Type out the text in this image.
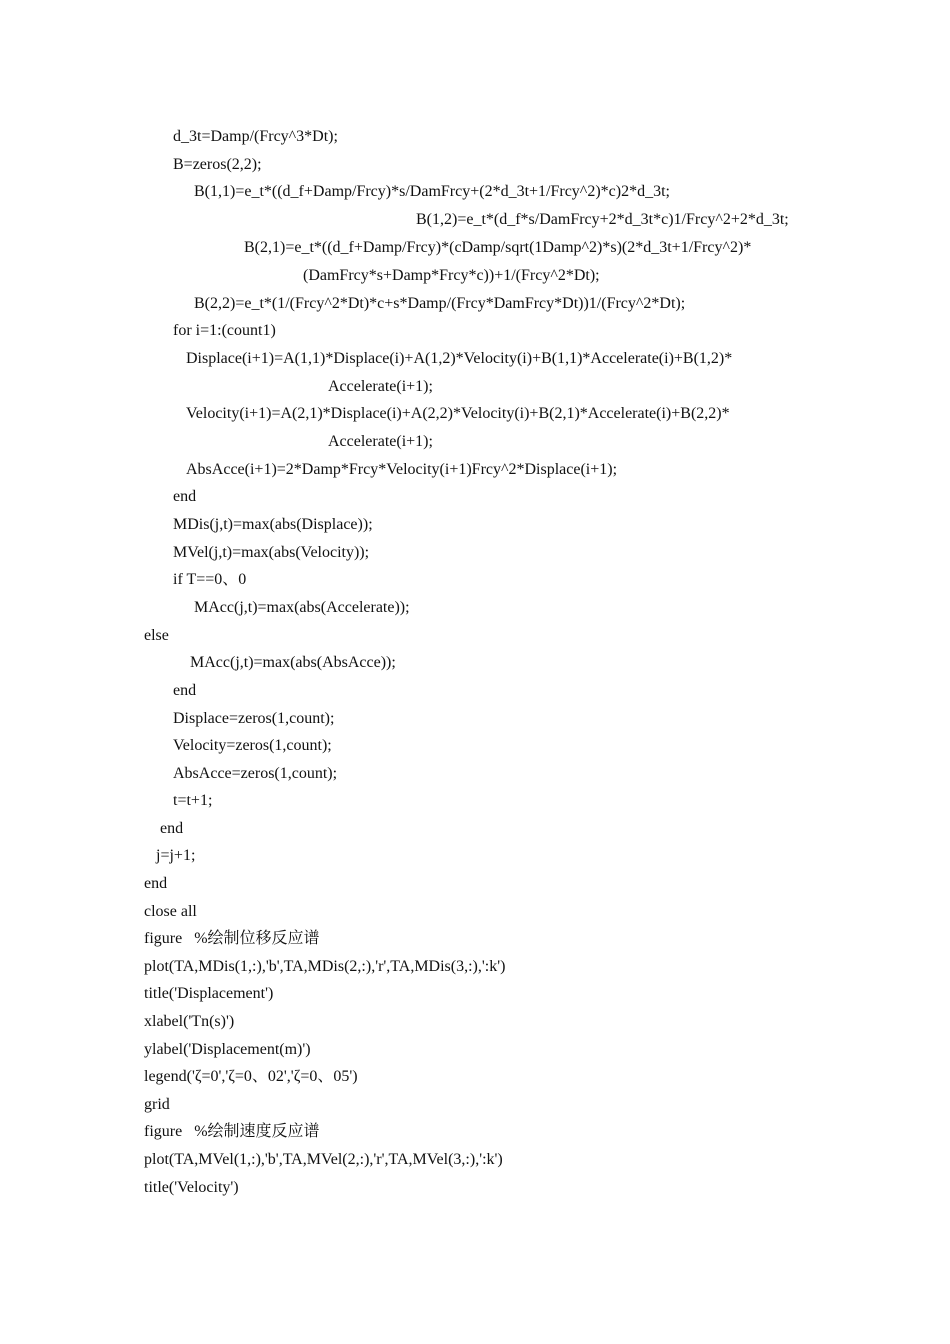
d_3t=Damp/(Frcy^3*Dt);
B=zeros(2,2);
B(1,1)=e_t*((d_f+Damp/Frcy)*s/DamFrcy+(2*d_3t+1/Frcy^2)*c)2*d_3t;
B(1,2)=e_t*(d_f*s/DamFrcy+2*d_3t*c)1/Frcy^2+2*d_3t;
B(2,1)=e_t*((d_f+Damp/Frcy)*(cDamp/sqrt(1Damp^2)*s)(2*d_3t+1/Frcy^2)*
(DamFrcy*s+Damp*Frcy*c))+1/(Frcy^2*Dt);
B(2,2)=e_t*(1/(Frcy^2*Dt)*c+s*Damp/(Frcy*DamFrcy*Dt))1/(Frcy^2*Dt);
for i=1:(count1)
Displace(i+1)=A(1,1)*Displace(i)+A(1,2)*Velocity(i)+B(1,1)*Accelerate(i)+B(1,2)*
Accelerate(i+1);
Velocity(i+1)=A(2,1)*Displace(i)+A(2,2)*Velocity(i)+B(2,1)*Accelerate(i)+B(2,2)*
Accelerate(i+1);
AbsAcce(i+1)=2*Damp*Frcy*Velocity(i+1)Frcy^2*Displace(i+1);
end
MDis(j,t)=max(abs(Displace));
MVel(j,t)=max(abs(Velocity));
if T==0、0
MAcc(j,t)=max(abs(Accelerate));
else
MAcc(j,t)=max(abs(AbsAcce));
end
Displace=zeros(1,count);
Velocity=zeros(1,count);
AbsAcce=zeros(1,count);
t=t+1;
end
j=j+1;
end
close all
figure   %绘制位移反应谱
plot(TA,MDis(1,:),'b',TA,MDis(2,:),'r',TA,MDis(3,:),':k')
title('Displacement')
xlabel('Tn(s)')
ylabel('Displacement(m)')
legend('ζ=0','ζ=0、02','ζ=0、05')
grid
figure   %绘制速度反应谱
plot(TA,MVel(1,:),'b',TA,MVel(2,:),'r',TA,MVel(3,:),':k')
title('Velocity')
